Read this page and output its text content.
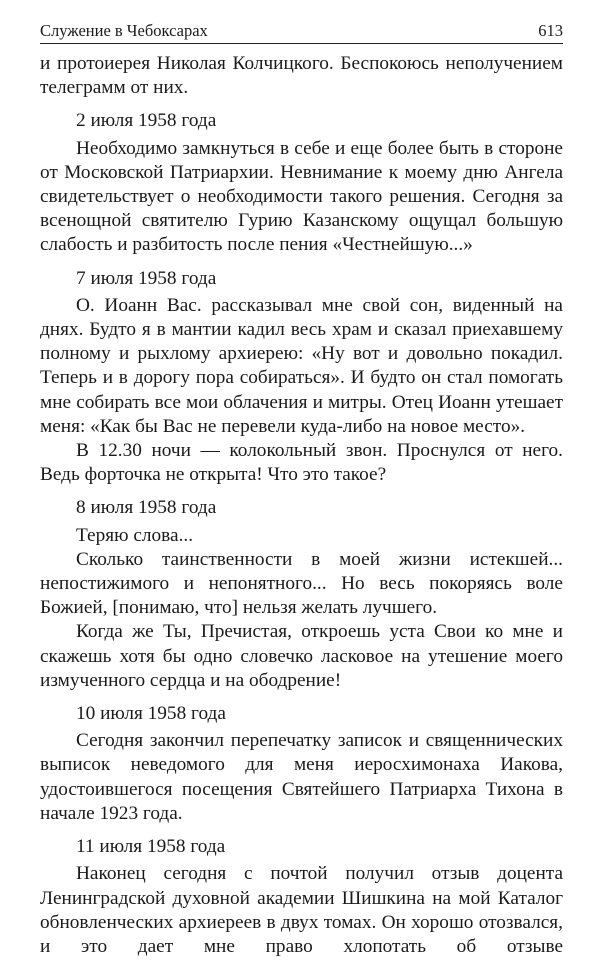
Служение в Чебоксарах	613

и протоиерея Николая Колчицкого. Беспокоюсь неполучением телеграмм от них.

2 июля 1958 года

Необходимо замкнуться в себе и еще более быть в стороне от Московской Патриархии. Невнимание к моему дню Ангела свидетельствует о необходимости такого решения. Сегодня за всенощной святителю Гурию Казанскому ощущал большую слабость и разбитость после пения «Честнейшую...»

7 июля 1958 года

О. Иоанн Вас. рассказывал мне свой сон, виденный на днях. Будто я в мантии кадил весь храм и сказал приехавшему полному и рыхлому архиерею: «Ну вот и довольно покадил. Теперь и в дорогу пора собираться». И будто он стал помогать мне собирать все мои облачения и митры. Отец Иоанн утешает меня: «Как бы Вас не перевели куда-либо на новое место».

В 12.30 ночи — колокольный звон. Проснулся от него. Ведь форточка не открыта! Что это такое?

8 июля 1958 года

Теряю слова...

Сколько таинственности в моей жизни истекшей... непостижимого и непонятного... Но весь покоряясь воле Божией, [понимаю, что] нельзя желать лучшего.

Когда же Ты, Пречистая, откроешь уста Свои ко мне и скажешь хотя бы одно словечко ласковое на утешение моего измученного сердца и на ободрение!

10 июля 1958 года

Сегодня закончил перепечатку записок и священнических выписок неведомого для меня иеросхимонаха Иакова, удостоившегося посещения Святейшего Патриарха Тихона в начале 1923 года.

11 июля 1958 года

Наконец сегодня с почтой получил отзыв доцента Ленинградской духовной академии Шишкина на мой Каталог обновленческих архиереев в двух томах. Он хорошо отозвался, и это дает мне право хлопотать об отзыве
